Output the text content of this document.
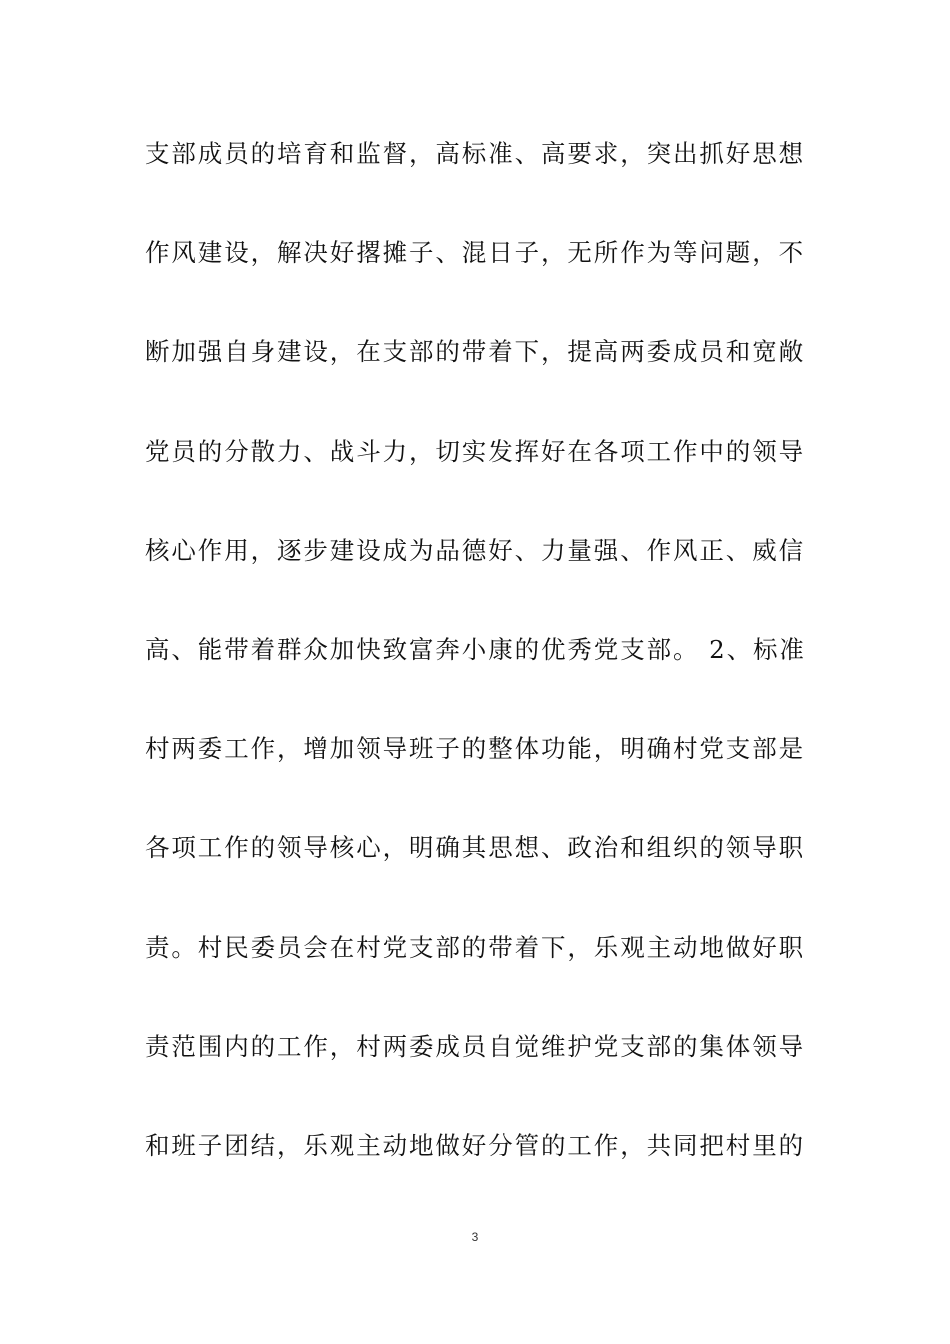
支部成员的培育和监督，高标准、高要求，突出抓好思想
作风建设，解决好撂摊子、混日子，无所作为等问题，不
断加强自身建设，在支部的带着下，提高两委成员和宽敞
党员的分散力、战斗力，切实发挥好在各项工作中的领导
核心作用，逐步建设成为品德好、力量强、作风正、威信
高、能带着群众加快致富奔小康的优秀党支部。 2、标准
村两委工作，增加领导班子的整体功能，明确村党支部是
各项工作的领导核心，明确其思想、政治和组织的领导职
责。村民委员会在村党支部的带着下，乐观主动地做好职
责范围内的工作，村两委成员自觉维护党支部的集体领导
和班子团结，乐观主动地做好分管的工作，共同把村里的
3
